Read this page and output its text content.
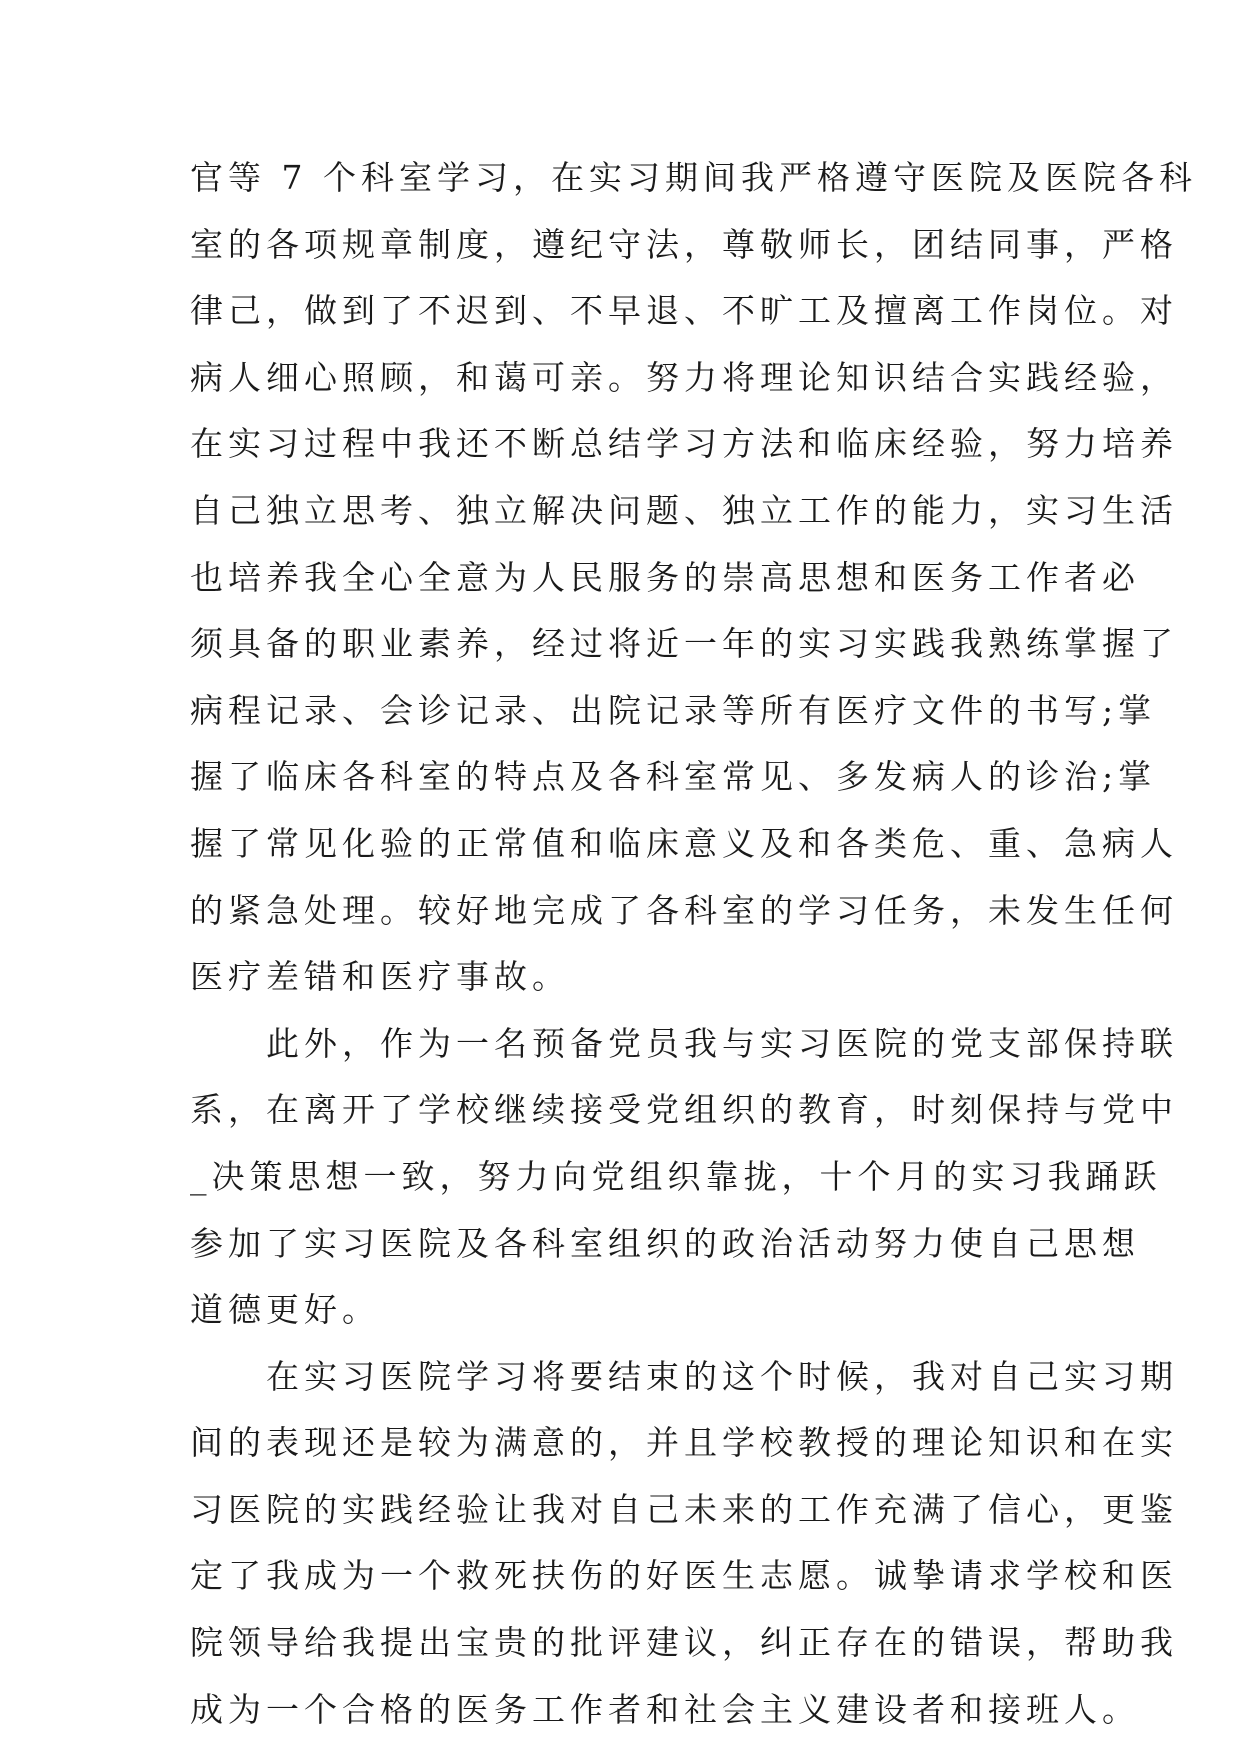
官等 7 个科室学习，在实习期间我严格遵守医院及医院各科
室的各项规章制度，遵纪守法，尊敬师长，团结同事，严格
律己，做到了不迟到、不早退、不旷工及擅离工作岗位。对
病人细心照顾，和蔼可亲。努力将理论知识结合实践经验，
在实习过程中我还不断总结学习方法和临床经验，努力培养
自己独立思考、独立解决问题、独立工作的能力，实习生活
也培养我全心全意为人民服务的崇高思想和医务工作者必
须具备的职业素养，经过将近一年的实习实践我熟练掌握了
病程记录、会诊记录、出院记录等所有医疗文件的书写;掌
握了临床各科室的特点及各科室常见、多发病人的诊治;掌
握了常见化验的正常值和临床意义及和各类危、重、急病人
的紧急处理。较好地完成了各科室的学习任务，未发生任何
医疗差错和医疗事故。
　　此外，作为一名预备党员我与实习医院的党支部保持联
系，在离开了学校继续接受党组织的教育，时刻保持与党中
_决策思想一致，努力向党组织靠拢，十个月的实习我踊跃
参加了实习医院及各科室组织的政治活动努力使自己思想
道德更好。
　　在实习医院学习将要结束的这个时候，我对自己实习期
间的表现还是较为满意的，并且学校教授的理论知识和在实
习医院的实践经验让我对自己未来的工作充满了信心，更鉴
定了我成为一个救死扶伤的好医生志愿。诚挚请求学校和医
院领导给我提出宝贵的批评建议，纠正存在的错误，帮助我
成为一个合格的医务工作者和社会主义建设者和接班人。
